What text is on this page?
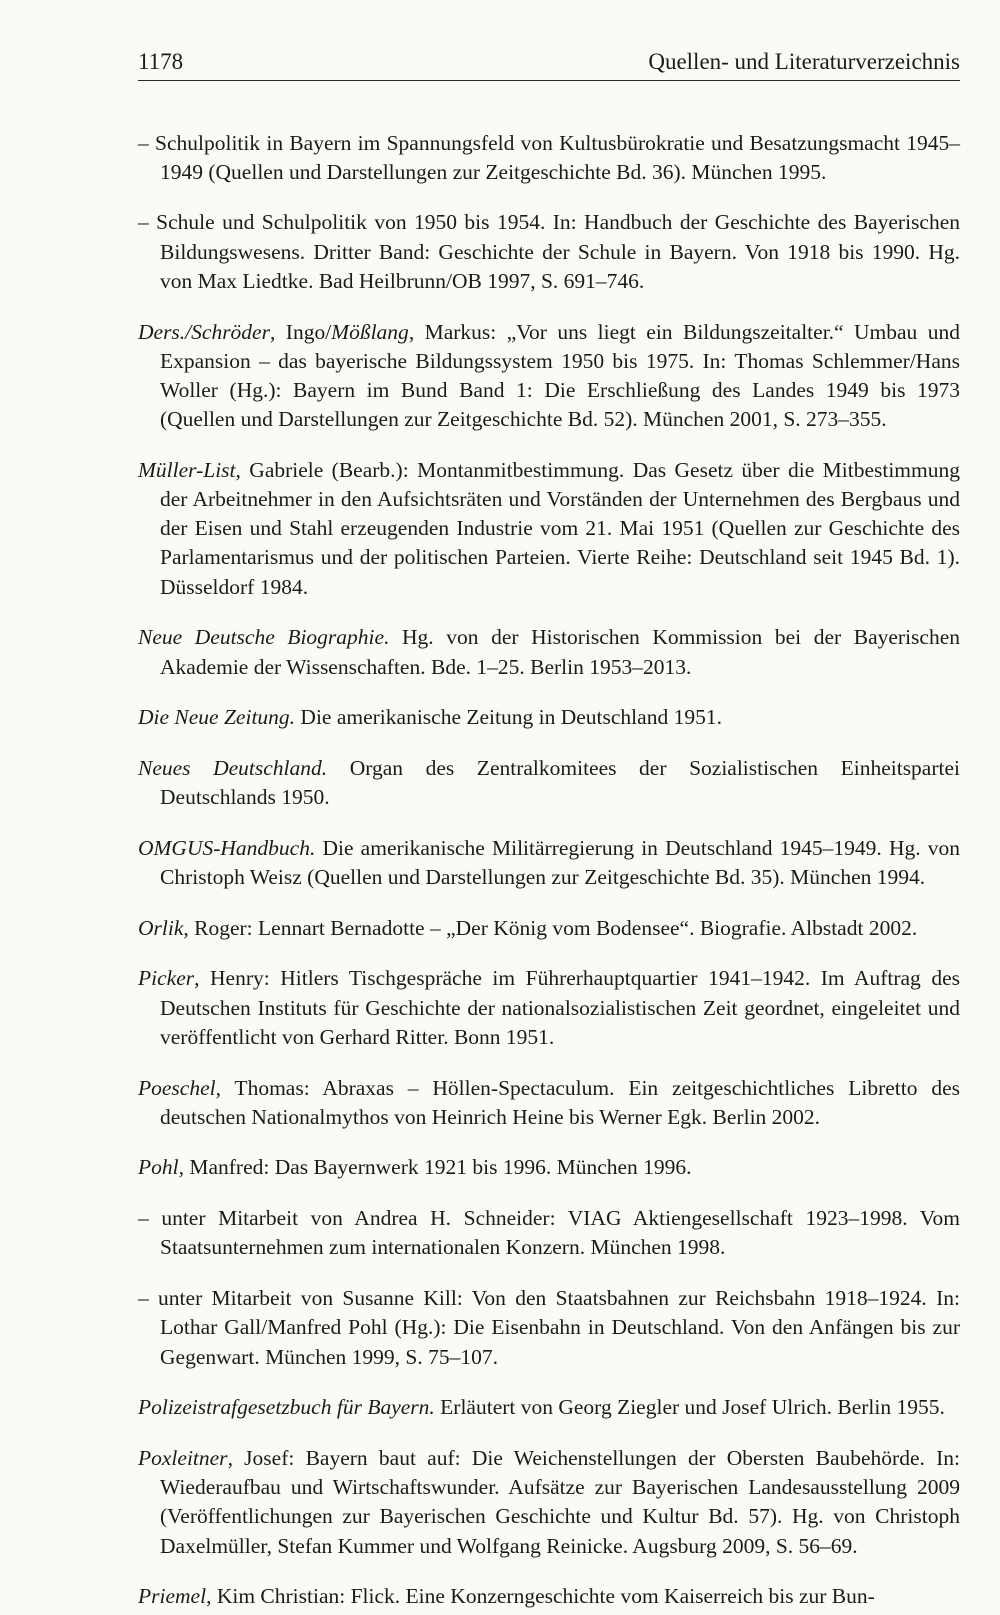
1178	Quellen- und Literaturverzeichnis

– Schulpolitik in Bayern im Spannungsfeld von Kultusbürokratie und Besatzungsmacht 1945–1949 (Quellen und Darstellungen zur Zeitgeschichte Bd. 36). München 1995.

– Schule und Schulpolitik von 1950 bis 1954. In: Handbuch der Geschichte des Bayerischen Bildungswesens. Dritter Band: Geschichte der Schule in Bayern. Von 1918 bis 1990. Hg. von Max Liedtke. Bad Heilbrunn/OB 1997, S. 691–746.

Ders./Schröder, Ingo/Mößlang, Markus: „Vor uns liegt ein Bildungszeitalter.“ Umbau und Expansion – das bayerische Bildungssystem 1950 bis 1975. In: Thomas Schlemmer/Hans Woller (Hg.): Bayern im Bund Band 1: Die Erschließung des Landes 1949 bis 1973 (Quellen und Darstellungen zur Zeitgeschichte Bd. 52). München 2001, S. 273–355.

Müller-List, Gabriele (Bearb.): Montanmitbestimmung. Das Gesetz über die Mitbestimmung der Arbeitnehmer in den Aufsichtsräten und Vorständen der Unternehmen des Bergbaus und der Eisen und Stahl erzeugenden Industrie vom 21. Mai 1951 (Quellen zur Geschichte des Parlamentarismus und der politischen Parteien. Vierte Reihe: Deutschland seit 1945 Bd. 1). Düsseldorf 1984.

Neue Deutsche Biographie. Hg. von der Historischen Kommission bei der Bayerischen Akademie der Wissenschaften. Bde. 1–25. Berlin 1953–2013.

Die Neue Zeitung. Die amerikanische Zeitung in Deutschland 1951.

Neues Deutschland. Organ des Zentralkomitees der Sozialistischen Einheitspartei Deutschlands 1950.

OMGUS-Handbuch. Die amerikanische Militärregierung in Deutschland 1945–1949. Hg. von Christoph Weisz (Quellen und Darstellungen zur Zeitgeschichte Bd. 35). München 1994.

Orlik, Roger: Lennart Bernadotte – „Der König vom Bodensee“. Biografie. Albstadt 2002.

Picker, Henry: Hitlers Tischgespräche im Führerhauptquartier 1941–1942. Im Auftrag des Deutschen Instituts für Geschichte der nationalsozialistischen Zeit geordnet, eingeleitet und veröffentlicht von Gerhard Ritter. Bonn 1951.

Poeschel, Thomas: Abraxas – Höllen-Spectaculum. Ein zeitgeschichtliches Libretto des deutschen Nationalmythos von Heinrich Heine bis Werner Egk. Berlin 2002.

Pohl, Manfred: Das Bayernwerk 1921 bis 1996. München 1996.

– unter Mitarbeit von Andrea H. Schneider: VIAG Aktiengesellschaft 1923–1998. Vom Staatsunternehmen zum internationalen Konzern. München 1998.

– unter Mitarbeit von Susanne Kill: Von den Staatsbahnen zur Reichsbahn 1918–1924. In: Lothar Gall/Manfred Pohl (Hg.): Die Eisenbahn in Deutschland. Von den Anfängen bis zur Gegenwart. München 1999, S. 75–107.

Polizeistrafgesetzbuch für Bayern. Erläutert von Georg Ziegler und Josef Ulrich. Berlin 1955.

Poxleitner, Josef: Bayern baut auf: Die Weichenstellungen der Obersten Baubehörde. In: Wiederaufbau und Wirtschaftswunder. Aufsätze zur Bayerischen Landesausstellung 2009 (Veröffentlichungen zur Bayerischen Geschichte und Kultur Bd. 57). Hg. von Christoph Daxelmüller, Stefan Kummer und Wolfgang Reinicke. Augsburg 2009, S. 56–69.

Priemel, Kim Christian: Flick. Eine Konzerngeschichte vom Kaiserreich bis zur Bun-
